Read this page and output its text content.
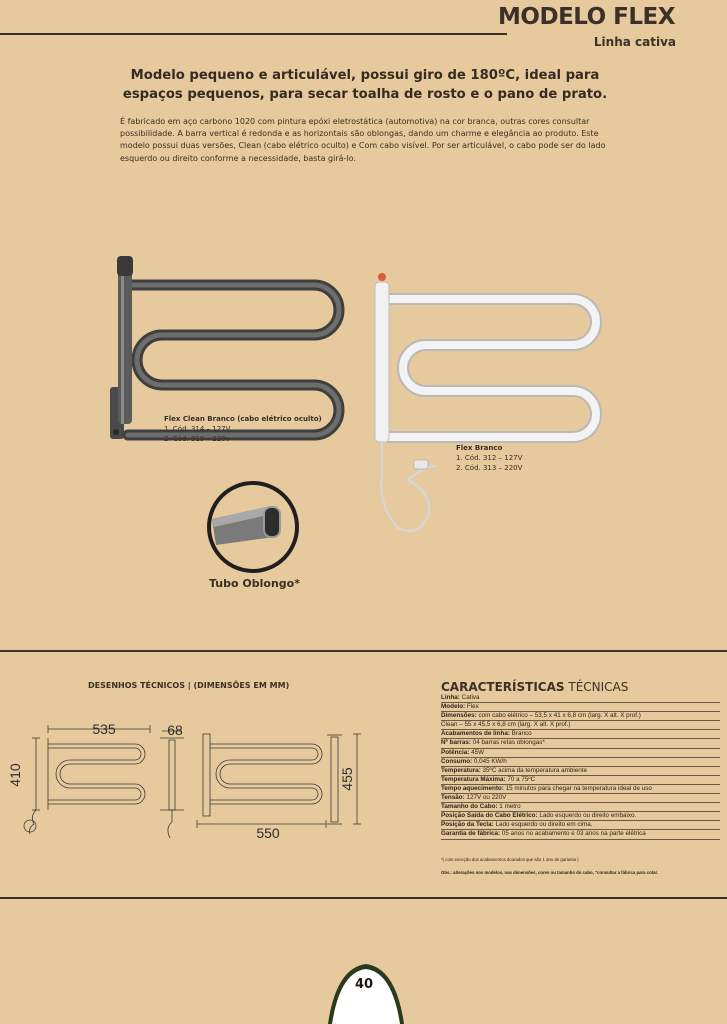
MODELO FLEX
Linha cativa
Modelo pequeno e articulável, possui giro de 180ºC, ideal para
espaços pequenos, para secar toalha de rosto e o pano de prato.
É fabricado em aço carbono 1020 com pintura epóxi eletrostática (automotiva) na cor branca, outras cores consultar possibilidade. A barra vertical é redonda e as horizontais são oblongas, dando um charme e elegância ao produto. Este modelo possui duas versões, Clean (cabo elétrico oculto) e Com cabo visível. Por ser articulável, o cabo pode ser do lado esquerdo ou direito conforme a necessidade, basta girá-lo.
Flex Clean Branco (cabo elétrico oculto)
1. Cód. 314 – 127V
2. Cód. 315 – 220v
Flex Branco
1. Cód. 312 – 127V
2. Cód. 313 – 220V
Tubo Oblongo*
DESENHOS TÉCNICOS | (DIMENSÕES EM MM)
535	68
410
550
455
CARACTERÍSTICAS TÉCNICAS
Linha: Cativa
Modelo: Flex
Dimensões: com cabo elétrico – 53,5 x 41 x 6,8 cm (larg. X alt. X prof.)
Clean – 55 x 45,5 x 6,8 cm (larg. X alt. X prof.)
Acabamentos de linha: Branco
Nº barras: 04 barras retas oblongas*
Potência: 45W
Consumo: 0,045 KW/h
Temperatura: 35ºC acima da temperatura ambiente
Temperatura Máxima: 70 a 75ºC
Tempo aquecimento: 15 minutos para chegar na temperatura ideal de uso
Tensão: 127V ou 220V
Tamanho do Cabo: 1 metro
Posição Saída do Cabo Elétrico: Lado esquerdo ou direito embaixo.
Posição da Tecla: Lado esquerdo ou direito em cima.
Garantia de fábrica: 05 anos no acabamento e 03 anos na parte elétrica
*( com exceção dos acabamentos dourados que são 1 ano de garantia )
Obs.: alterações nos modelos, nas dimensões, cores ou tamanho do cabo, "consultar a fábrica para cotar.
40
